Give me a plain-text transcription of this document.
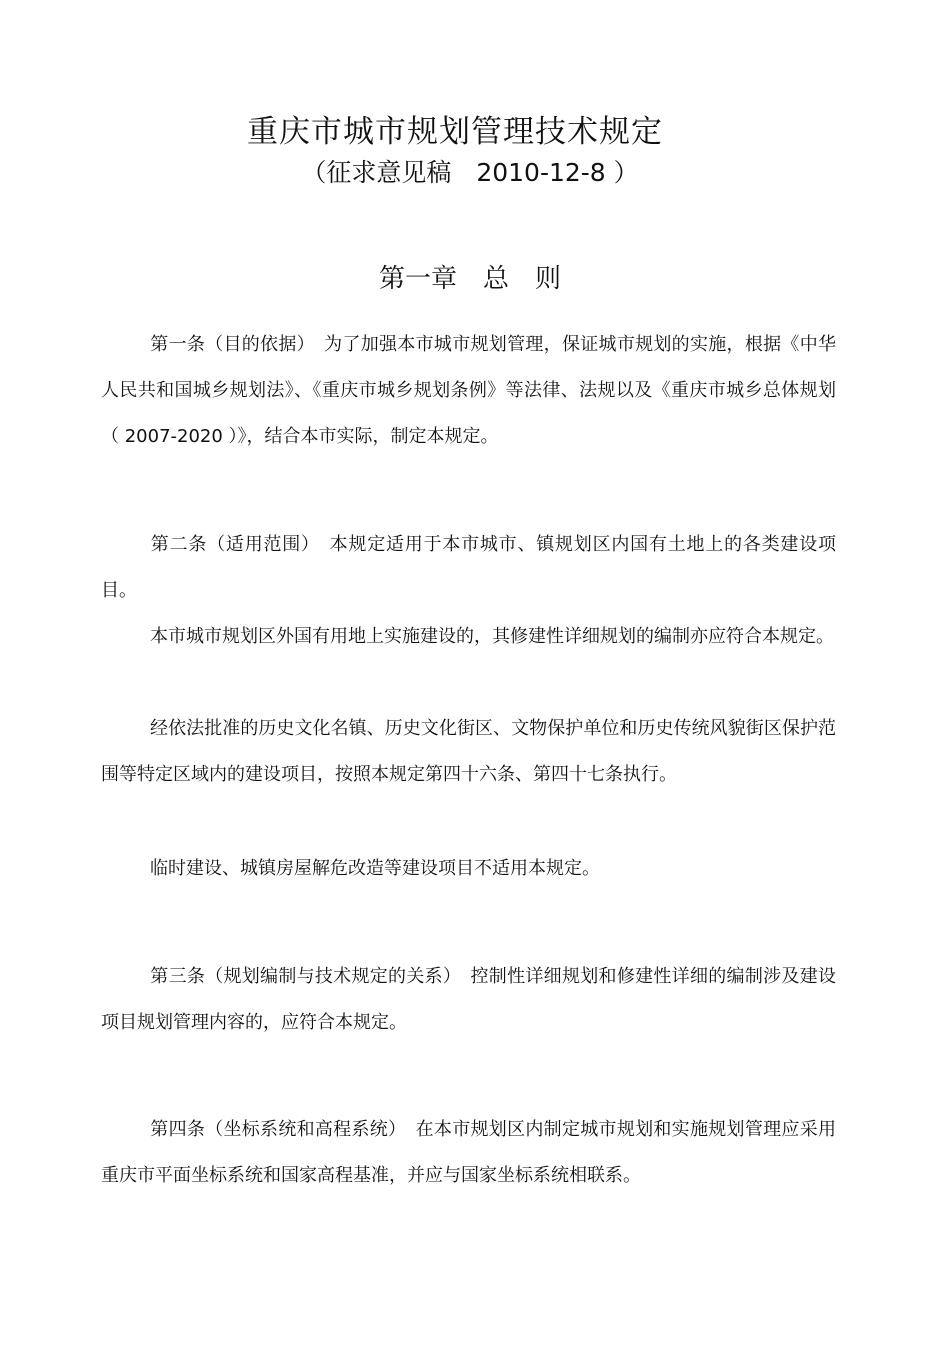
重庆市城市规划管理技术规定
（征求意见稿　2010-12-8 ）
第一章　总　则
第一条（目的依据）　为了加强本市城市规划管理，保证城市规划的实施，根据《中华人民共和国城乡规划法》、《重庆市城乡规划条例》等法律、法规以及《重庆市城乡总体规划（ 2007-2020 ）》，结合本市实际，制定本规定。
第二条（适用范围）　本规定适用于本市城市、镇规划区内国有土地上的各类建设项目。
本市城市规划区外国有用地上实施建设的，其修建性详细规划的编制亦应符合本规定。
经依法批准的历史文化名镇、历史文化街区、文物保护单位和历史传统风貌街区保护范围等特定区域内的建设项目，按照本规定第四十六条、第四十七条执行。
临时建设、城镇房屋解危改造等建设项目不适用本规定。
第三条（规划编制与技术规定的关系）　控制性详细规划和修建性详细的编制涉及建设项目规划管理内容的，应符合本规定。
第四条（坐标系统和高程系统）　在本市规划区内制定城市规划和实施规划管理应采用重庆市平面坐标系统和国家高程基准，并应与国家坐标系统相联系。
